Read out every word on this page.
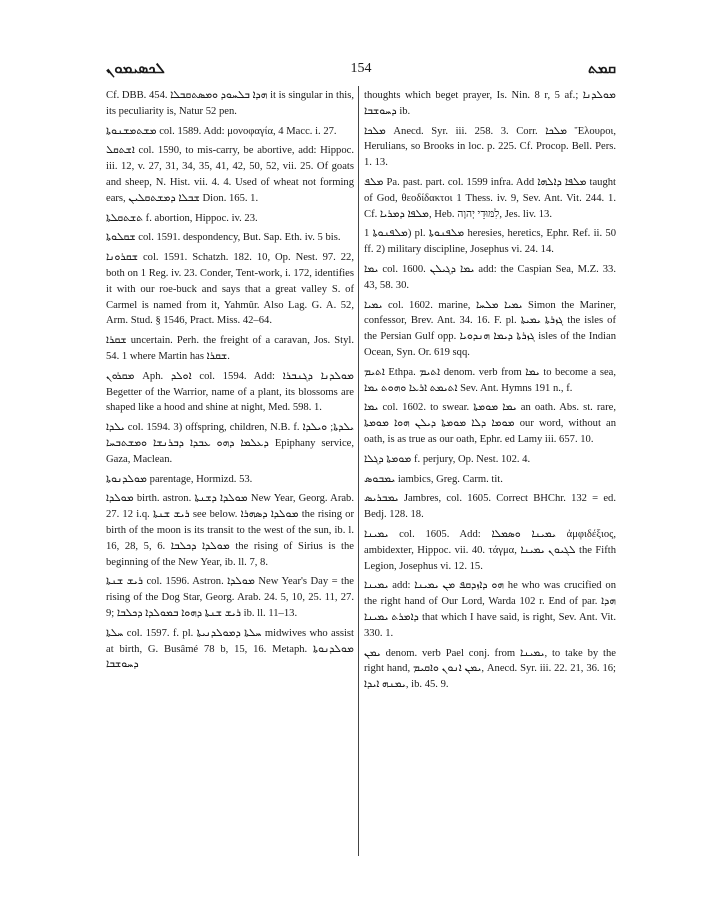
ܠܟܣܝܡܘܢ	154	ܩܡܬ

Cf. DBB. 454. ܗܕܐ ܒܠܚܘܕ ܘܡܣܬܩܒܠܐ it is singular in this, its peculiarity is, Natur 52 pen.

ܡܫܬܡܫܢܘܬܐ col. 1589. Add: μονοφαγία, 4 Macc. i. 27.

ܐܫܬܩܠ col. 1590, to mis-carry, be abortive, add: Hippoc. iii. 12, v. 27, 31, 34, 35, 41, 42, 50, 52, vii. 25. Of goats and sheep, N. Hist. vii. 4. 4. Used of wheat not forming ears, ܫܒܠܐ ܕܡܫܬܩܠܝܢ Dion. 165. 1.

ܬܫܬܩܠܬܐ f. abortion, Hippoc. iv. 23.

ܫܩܠܘܬܐ col. 1591. despondency, But. Sap. Eth. iv. 5 bis.

ܫܩܪܘܢܐ col. 1591. Schatzh. 182. 10, Op. Nest. 97. 22, both on 1 Reg. iv. 23. Conder, Tent-work, i. 172, identifies it with our roe-buck and says that a great valley S. of Carmel is named from it, Yahmûr. Also Lag. G. A. 52, Arm. Stud. § 1546, Pract. Miss. 42–64.

ܫܩܪܐ uncertain. Perh. the freight of a caravan, Jos. Styl. 54. 1 where Martin has ܫܩܪܐ.

ܡܩܪܘܢ Aph. ܐܘܠܕ col. 1594. Add: ܡܘܠܕܢܐ ܕܓܢܒܪܐ Begetter of the Warrior, name of a plant, its blossoms are shaped like a hood and shine at night, Med. 598. 1.

ܝܠܕܐ col. 1594. 3) offspring, children, N.B. f. ܝܠܕܬܐ; ܘܝܠܕܐ ܕܥܠܡܐ ܕܗܘ ܥܒܕܐ ܕܒܪܢܫܐ ܘܡܫܬܒܚܐ Epiphany service, Gaza, Maclean.

ܡܘܠܕܢܘܬܐ parentage, Hormizd. 53.

ܡܘܠܕܐ birth. astron. ܡܘܠܕܐ ܕܫܢܬܐ New Year, Georg. Arab. 27. 12 i.q. ܪܝܫ ܫܢܬܐ see below. ܡܘܠܕܐ ܕܣܗܪܐ the rising or birth of the moon is its transit to the west of the sun, ib. l. 16, 28, 5, 6. ܡܘܠܕܐ ܕܟܠܒܐ the rising of Sirius is the beginning of the New Year, ib. ll. 7, 8.

ܪܝܫ ܫܢܬܐ col. 1596. Astron. ܡܘܠܕܐ New Year's Day = the rising of the Dog Star, Georg. Arab. 24. 5, 10, 25. 11, 27. 9; ܪܝܫ ܫܢܬܐ ܕܗܘܐ ܒܡܘܠܕܐ ܕܟܠܒܐ ib. ll. 11–13.

ܚܠܬܐ col. 1597. f. pl. ܚܠܬܐ ܕܡܘܠܕܢܝܬܐ midwives who assist at birth, G. Busâmé 78 b, 15, 16. Metaph. ܡܘܠܕܢܘܬܐ ܕܚܘܫܒܐ

thoughts which beget prayer, Is. Nin. 8 r, 5 af.; ܡܘܠܕܢܐ ܕܚܘܫܒܐ ib.

ܡܠܟܐ Anecd. Syr. iii. 258. 3. Corr. ܡܠܟܐ Ἕλουροι, Herulians, so Brooks in loc. p. 225. Cf. Procop. Bell. Pers. 1. 13.

ܡܠܦ Pa. past. part. col. 1599 infra. Add ܡܠܦܐ ܕܐܠܗܐ taught of God, θεοδίδακτοι 1 Thess. iv. 9, Sev. Ant. Vit. 244. 1. Cf. ܡܠܦܐ ܕܡܪܝܐ, Heb. לִמּוּדֵי יְהוָה, Jes. liv. 13.

ܡܠܦܢܘܬܐ 1) pl. ܡܠܦܢܘܬܐ heresies, heretics, Ephr. Ref. ii. 50 ff. 2) military discipline, Josephus vi. 24. 14.

ܝܡܐ col. 1600. ܝܡܐ ܕܓܝܠܢ add: the Caspian Sea, M.Z. 33. 43, 58. 30.

ܝܡܝܐ col. 1602. marine, ܝܡܝܐ ܡܠܚܐ Simon the Mariner, confessor, Brev. Ant. 34. 16. F. pl. ܓܙܪܬܐ ܝܡܝܬܐ the isles of the Persian Gulf opp. ܓܙܪܬܐ ܕܝܡܐ ܗܢܕܘܝܐ isles of the Indian Ocean, Syn. Or. 619 sqq.

ܐܬܝܡ Ethpa. ܐܬܝܡ denom. verb from ܝܡܐ to become a sea, ܐܬܝܡܬ ܐܪܥܐ ܘܗܘܬ ܝܡܐ Sev. Ant. Hymns 191 n., f.

ܝܡܐ col. 1602. to swear. ܝܡܐ ܡܘܡܬܐ an oath. Abs. st. rare, ܡܘܡܐ ܕܠܐ ܡܘܡܬܐ ܕܝܠܢ ܗܘܐ ܡܘܡܬܐ our word, without an oath, is as true as our oath, Ephr. ed Lamy iii. 657. 10.

ܡܘܡܬܐ ܕܓܠܐ f. perjury, Op. Nest. 102. 4.

ܝܡܒܘܣ iambics, Greg. Carm. tit.

ܝܡܒܪܝܣ Jambres, col. 1605. Correct BHChr. 132 = ed. Bedj. 128. 18.

ܝܡܝܢܐ col. 1605. Add: ܝܡܝܢܐ ܘܣܡܠܐ ἀμφιδέξιος, ambidexter, Hippoc. vii. 40. τάγμα, ܠܓܝܘܢ ܝܡܝܢܐ the Fifth Legion, Josephus vi. 12. 15.

ܝܡܝܢܐ add: ܗܘ ܕܐܙܕܩܦ ܡܢ ܝܡܝܢܐ he who was crucified on the right hand of Our Lord, Warda 102 r. End of par. ܗܕܐ ܕܐܡܪܬ ܝܡܝܢܐ that which I have said, is right, Sev. Ant. Vit. 330. 1.

ܝܡܢ denom. verb Pael conj. from ܝܡܝܢܐ, to take by the right hand, ܝܡܢ ܐܢܘܢ ܘܐܩܝܡ, Anecd. Syr. iii. 22. 21, 36. 16; ܝܡܢܗ ܐܝܕܐ, ib. 45. 9.
